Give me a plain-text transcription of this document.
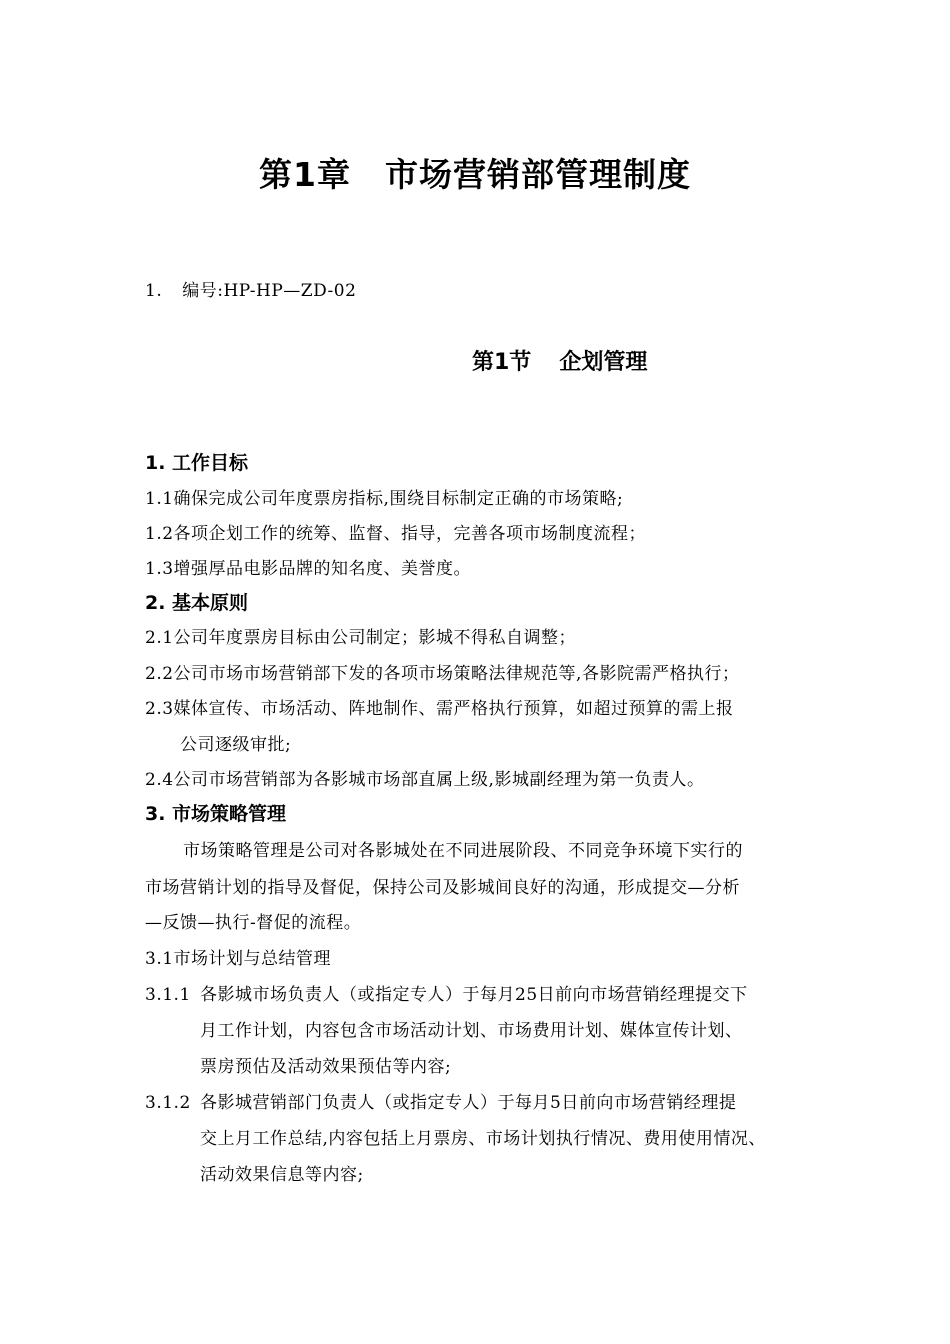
第1章 市场营销部管理制度
1. 编号:HP-HP—ZD-02
第1节 企划管理
1. 工作目标
1.1确保完成公司年度票房指标,围绕目标制定正确的市场策略;
1.2各项企划工作的统筹、监督、指导，完善各项市场制度流程；
1.3增强厚品电影品牌的知名度、美誉度。
2. 基本原则
2.1公司年度票房目标由公司制定；影城不得私自调整；
2.2公司市场市场营销部下发的各项市场策略法律规范等,各影院需严格执行；
2.3媒体宣传、市场活动、阵地制作、需严格执行预算，如超过预算的需上报
公司逐级审批;
2.4公司市场营销部为各影城市场部直属上级,影城副经理为第一负责人。
3. 市场策略管理
市场策略管理是公司对各影城处在不同进展阶段、不同竞争环境下实行的
市场营销计划的指导及督促，保持公司及影城间良好的沟通，形成提交—分析
—反馈—执行-督促的流程。
3.1市场计划与总结管理
3.1.1 各影城市场负责人（或指定专人）于每月25日前向市场营销经理提交下
月工作计划，内容包含市场活动计划、市场费用计划、媒体宣传计划、
票房预估及活动效果预估等内容;
3.1.2 各影城营销部门负责人（或指定专人）于每月5日前向市场营销经理提
交上月工作总结,内容包括上月票房、市场计划执行情况、费用使用情况、
活动效果信息等内容;
